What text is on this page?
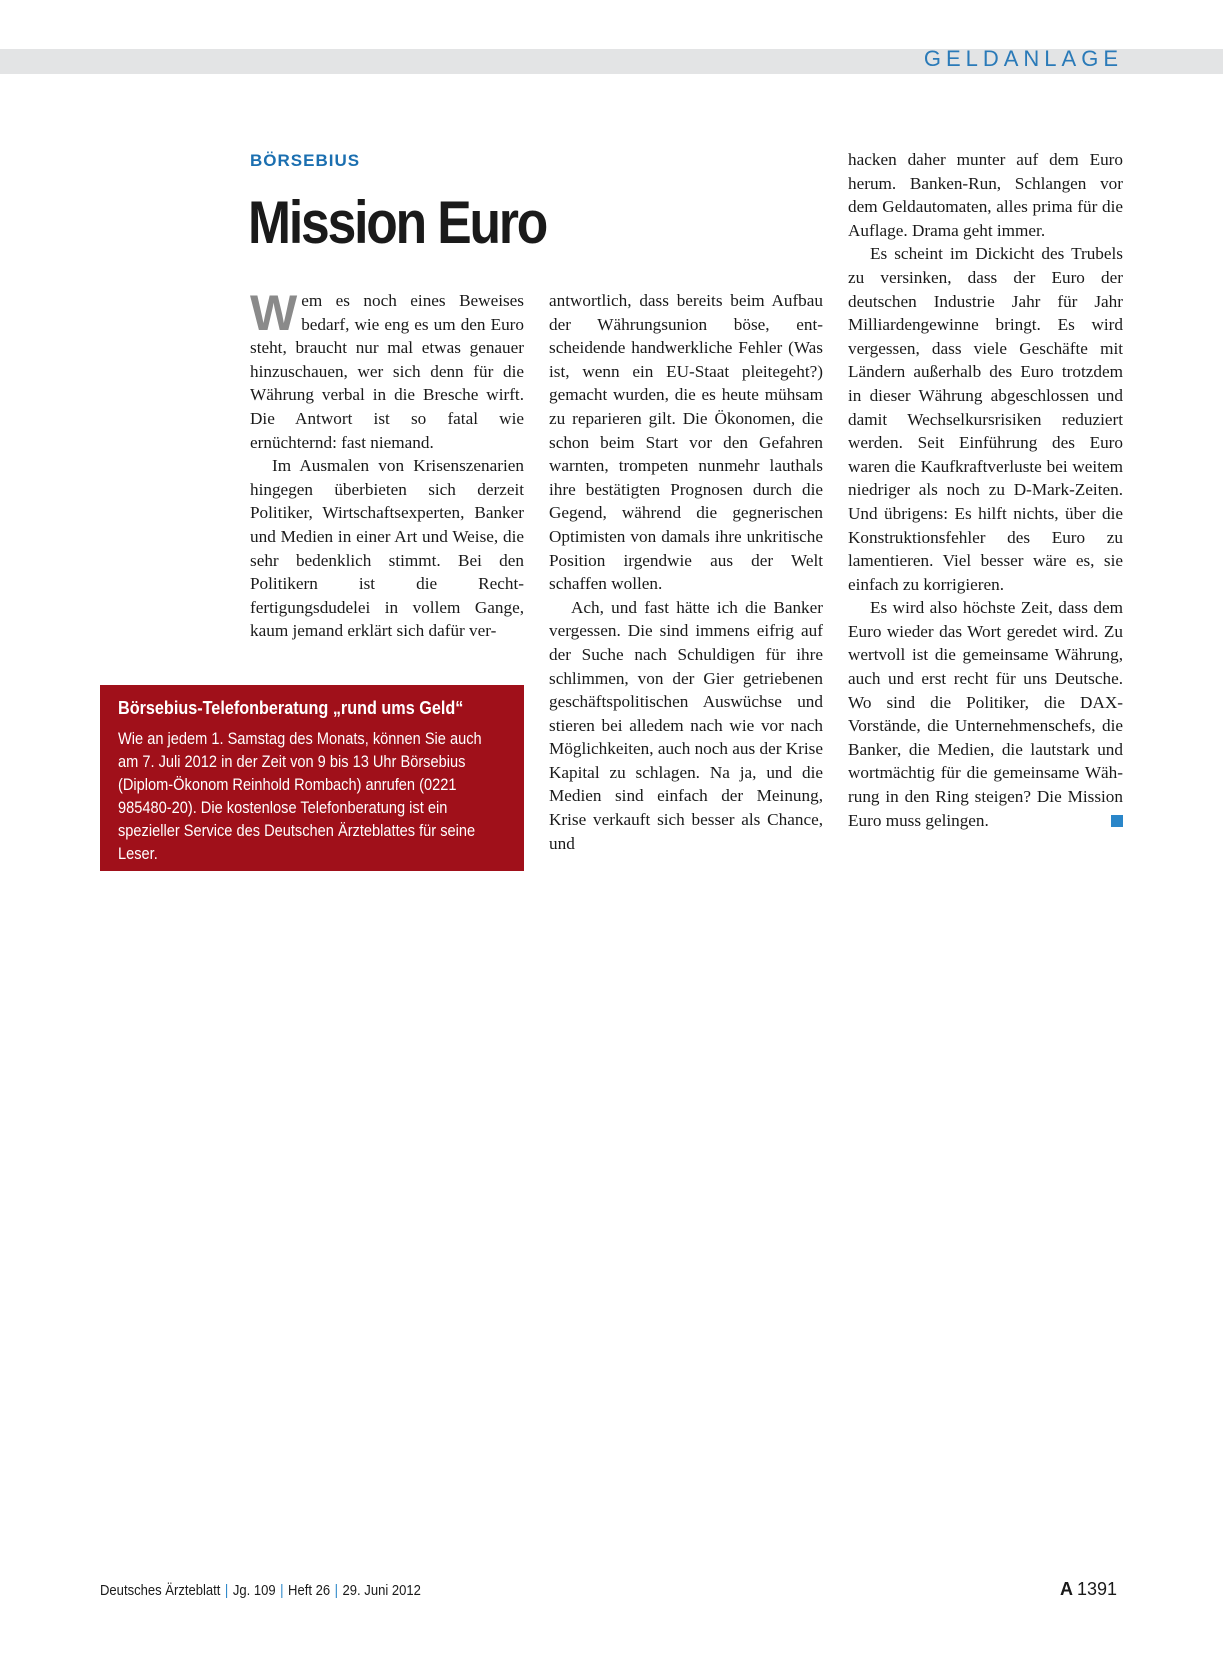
GELDANLAGE
BÖRSEBIUS
Mission Euro

Wem es noch eines Beweises bedarf, wie eng es um den Euro steht, braucht nur mal etwas genauer hinzuschauen, wer sich denn für die Währung verbal in die Bresche wirft. Die Antwort ist so fatal wie ernüchternd: fast niemand.

Im Ausmalen von Krisenszenarien hingegen überbieten sich derzeit Politiker, Wirtschaftsexperten, Banker und Medien in einer Art und Weise, die sehr bedenklich stimmt. Bei den Politikern ist die Rechtfertigungsdudelei in vollem Gange, kaum jemand erklärt sich dafür ver-

antwortlich, dass bereits beim Aufbau der Währungsunion böse, entscheidende handwerkliche Fehler (Was ist, wenn ein EU-Staat pleitegeht?) gemacht wurden, die es heute mühsam zu reparieren gilt. Die Ökonomen, die schon beim Start vor den Gefahren warnten, trompeten nunmehr lauthals ihre bestätigten Prognosen durch die Gegend, während die gegnerischen Optimisten von damals ihre unkritische Position irgendwie aus der Welt schaffen wollen.

Ach, und fast hätte ich die Banker vergessen. Die sind immens eifrig auf der Suche nach Schuldigen für ihre schlimmen, von der Gier getriebenen geschäftspolitischen Auswüchse und stieren bei alledem nach wie vor nach Möglichkeiten, auch noch aus der Krise Kapital zu schlagen. Na ja, und die Medien sind einfach der Meinung, Krise verkauft sich besser als Chance, und

hacken daher munter auf dem Euro herum. Banken-Run, Schlangen vor dem Geldautomaten, alles prima für die Auflage. Drama geht immer.

Es scheint im Dickicht des Trubels zu versinken, dass der Euro der deutschen Industrie Jahr für Jahr Milliardengewinne bringt. Es wird vergessen, dass viele Geschäfte mit Ländern außerhalb des Euro trotzdem in dieser Währung abgeschlossen und damit Wechselkursrisiken reduziert werden. Seit Einführung des Euro waren die Kaufkraftverluste bei weitem niedriger als noch zu D-Mark-Zeiten. Und übrigens: Es hilft nichts, über die Konstruktionsfehler des Euro zu lamentieren. Viel besser wäre es, sie einfach zu korrigieren.

Es wird also höchste Zeit, dass dem Euro wieder das Wort geredet wird. Zu wertvoll ist die gemeinsame Währung, auch und erst recht für uns Deutsche. Wo sind die Politiker, die DAX-Vorstände, die Unternehmenschefs, die Banker, die Medien, die lautstark und wortmächtig für die gemeinsame Währung in den Ring steigen? Die Mission Euro muss gelingen.

Börsebius-Telefonberatung „rund ums Geld“
Wie an jedem 1. Samstag des Monats, können Sie auch am 7. Juli 2012 in der Zeit von 9 bis 13 Uhr Börsebius (Diplom-Ökonom Reinhold Rombach) anrufen (0221 985480-20). Die kostenlose Telefonberatung ist ein spezieller Service des Deutschen Ärzteblattes für seine Leser.
Deutsches Ärzteblatt | Jg. 109 | Heft 26 | 29. Juni 2012	A 1391
